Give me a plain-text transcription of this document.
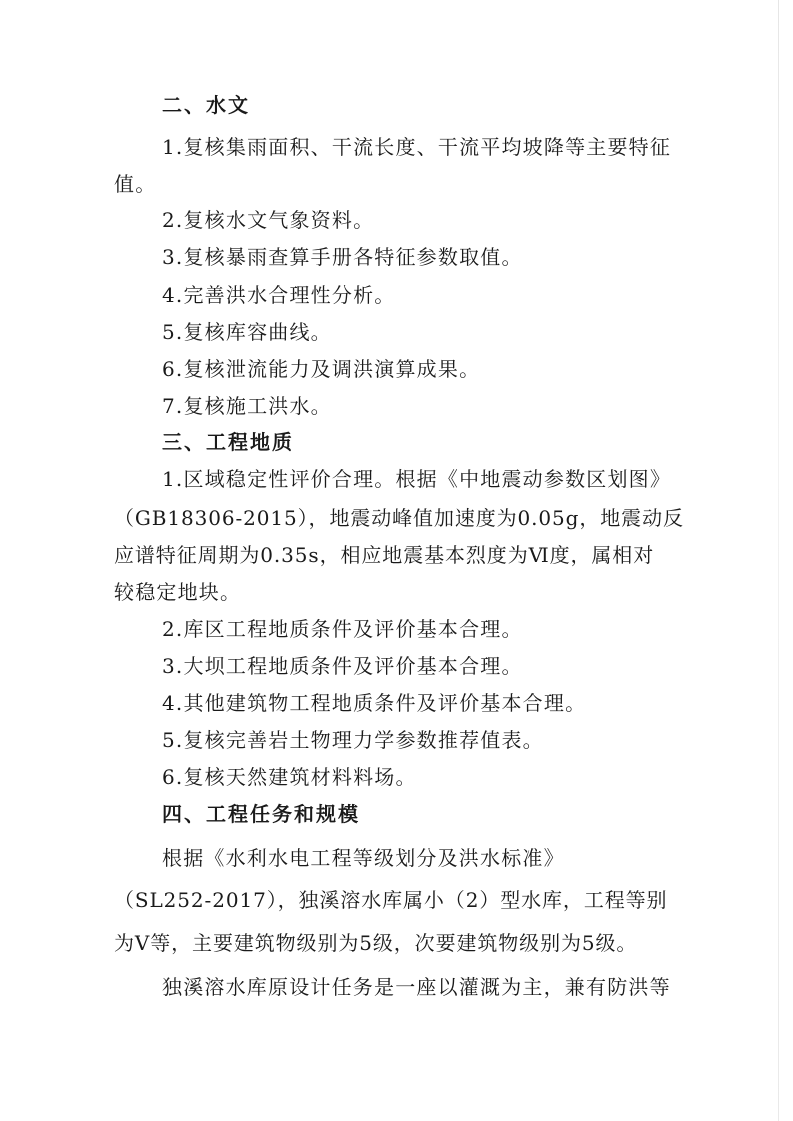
二、水文
1.复核集雨面积、干流长度、干流平均坡降等主要特征
值。
2.复核水文气象资料。
3.复核暴雨查算手册各特征参数取值。
4.完善洪水合理性分析。
5.复核库容曲线。
6.复核泄流能力及调洪演算成果。
7.复核施工洪水。
三、工程地质
1.区域稳定性评价合理。根据《中地震动参数区划图》
（GB18306-2015），地震动峰值加速度为0.05g，地震动反
应谱特征周期为0.35s，相应地震基本烈度为Ⅵ度，属相对
较稳定地块。
2.库区工程地质条件及评价基本合理。
3.大坝工程地质条件及评价基本合理。
4.其他建筑物工程地质条件及评价基本合理。
5.复核完善岩土物理力学参数推荐值表。
6.复核天然建筑材料料场。
四、工程任务和规模
根据《水利水电工程等级划分及洪水标准》
（SL252-2017），独溪溶水库属小（2）型水库，工程等别
为Ⅴ等，主要建筑物级别为5级，次要建筑物级别为5级。
独溪溶水库原设计任务是一座以灌溉为主，兼有防洪等
